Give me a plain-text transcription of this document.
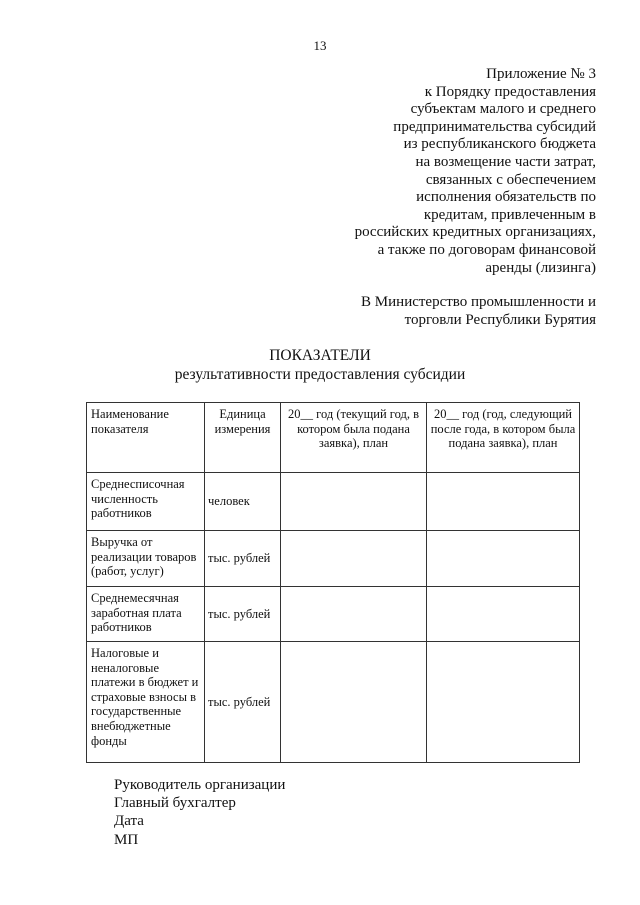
13
Приложение № 3
к Порядку предоставления
субъектам малого и среднего
предпринимательства субсидий
из республиканского бюджета
на возмещение части затрат,
связанных с обеспечением
исполнения обязательств по
кредитам, привлеченным в
российских кредитных организациях,
а также по договорам финансовой
аренды (лизинга)
В Министерство промышленности и
торговли Республики Бурятия
ПОКАЗАТЕЛИ
результативности предоставления субсидии
Наименование показателя	Единица измерения	20__ год (текущий год, в котором была подана заявка), план	20__ год (год, следующий после года, в котором была подана заявка), план
Среднесписочная численность работников	человек		
Выручка от реализации товаров (работ, услуг)	тыс. рублей		
Среднемесячная заработная плата работников	тыс. рублей		
Налоговые и неналоговые платежи в бюджет и страховые взносы в государственные внебюджетные фонды	тыс. рублей		
Руководитель организации
Главный бухгалтер
Дата
МП
